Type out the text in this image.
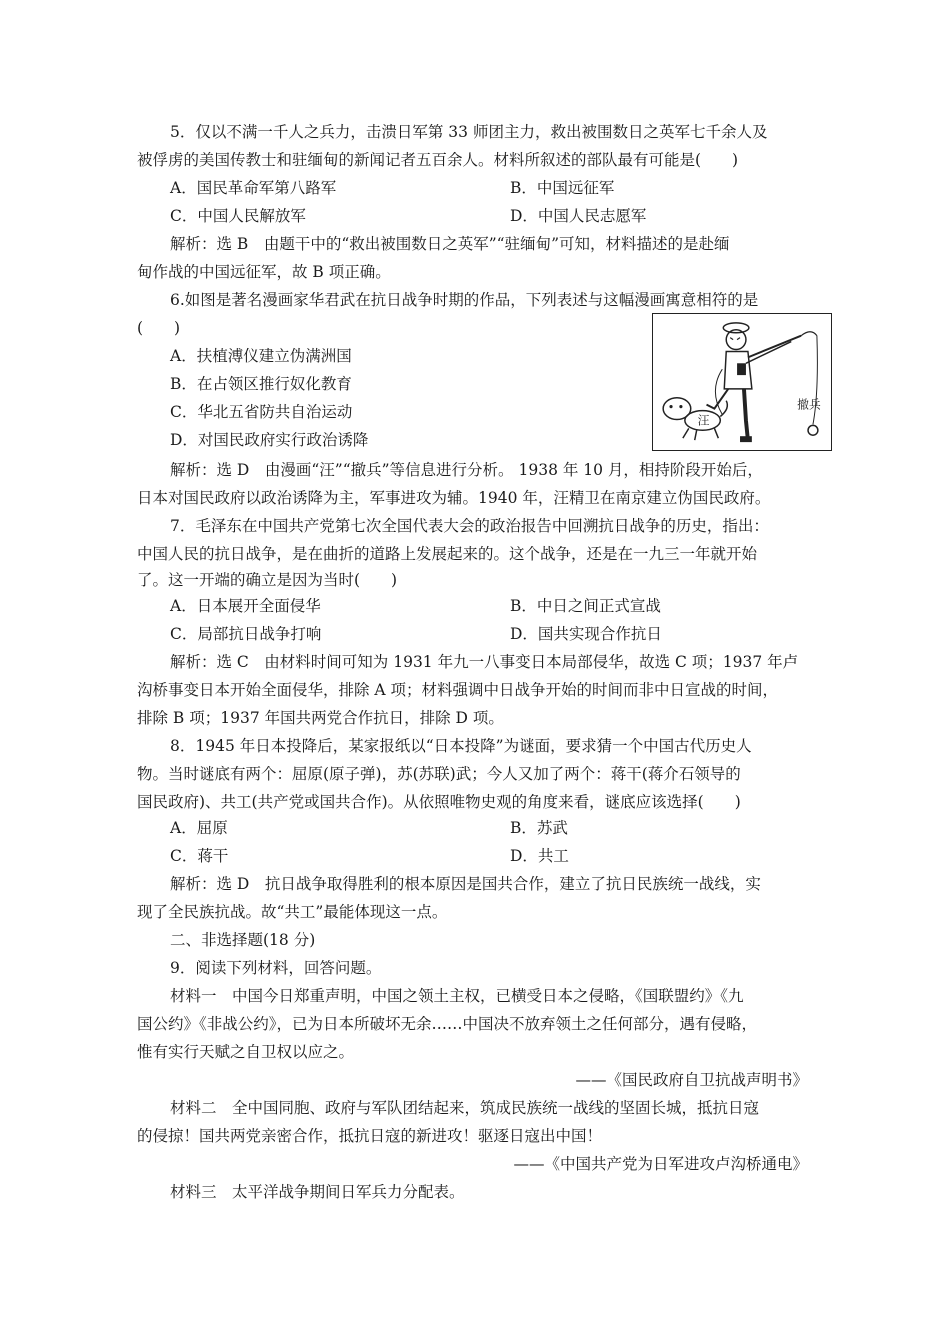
5．仅以不满一千人之兵力，击溃日军第 33 师团主力，救出被围数日之英军七千余人及
被俘虏的美国传教士和驻缅甸的新闻记者五百余人。材料所叙述的部队最有可能是(　　)
A．国民革命军第八路军	B．中国远征军
C．中国人民解放军	D．中国人民志愿军
解析：选 B　由题干中的“救出被围数日之英军”“驻缅甸”可知，材料描述的是赴缅
甸作战的中国远征军，故 B 项正确。
6.如图是著名漫画家华君武在抗日战争时期的作品，下列表述与这幅漫画寓意相符的是
(　　)
A．扶植溥仪建立伪满洲国
B．在占领区推行奴化教育
C．华北五省防共自治运动
D．对国民政府实行政治诱降
汪
撤兵
解析：选 D　由漫画“汪”“撤兵”等信息进行分析。 1938 年 10 月，相持阶段开始后，
日本对国民政府以政治诱降为主，军事进攻为辅。1940 年，汪精卫在南京建立伪国民政府。
7．毛泽东在中国共产党第七次全国代表大会的政治报告中回溯抗日战争的历史，指出：
中国人民的抗日战争，是在曲折的道路上发展起来的。这个战争，还是在一九三一年就开始
了。这一开端的确立是因为当时(　　)
A．日本展开全面侵华	B．中日之间正式宣战
C．局部抗日战争打响	D．国共实现合作抗日
解析：选 C　由材料时间可知为 1931 年九一八事变日本局部侵华，故选 C 项；1937 年卢
沟桥事变日本开始全面侵华，排除 A 项；材料强调中日战争开始的时间而非中日宣战的时间，
排除 B 项；1937 年国共两党合作抗日，排除 D 项。
8．1945 年日本投降后，某家报纸以“日本投降”为谜面，要求猜一个中国古代历史人
物。当时谜底有两个：屈原(原子弹)，苏(苏联)武；今人又加了两个：蒋干(蒋介石领导的
国民政府)、共工(共产党或国共合作)。从依照唯物史观的角度来看，谜底应该选择(　　)
A．屈原	B．苏武
C．蒋干	D．共工
解析：选 D　抗日战争取得胜利的根本原因是国共合作，建立了抗日民族统一战线，实
现了全民族抗战。故“共工”最能体现这一点。
二、非选择题(18 分)
9．阅读下列材料，回答问题。
材料一　中国今日郑重声明，中国之领土主权，已横受日本之侵略，《国联盟约》《九
国公约》《非战公约》，已为日本所破坏无余……中国决不放弃领土之任何部分，遇有侵略，
惟有实行天赋之自卫权以应之。
——《国民政府自卫抗战声明书》
材料二　全中国同胞、政府与军队团结起来，筑成民族统一战线的坚固长城，抵抗日寇
的侵掠！国共两党亲密合作，抵抗日寇的新进攻！驱逐日寇出中国！
——《中国共产党为日军进攻卢沟桥通电》
材料三　太平洋战争期间日军兵力分配表。
